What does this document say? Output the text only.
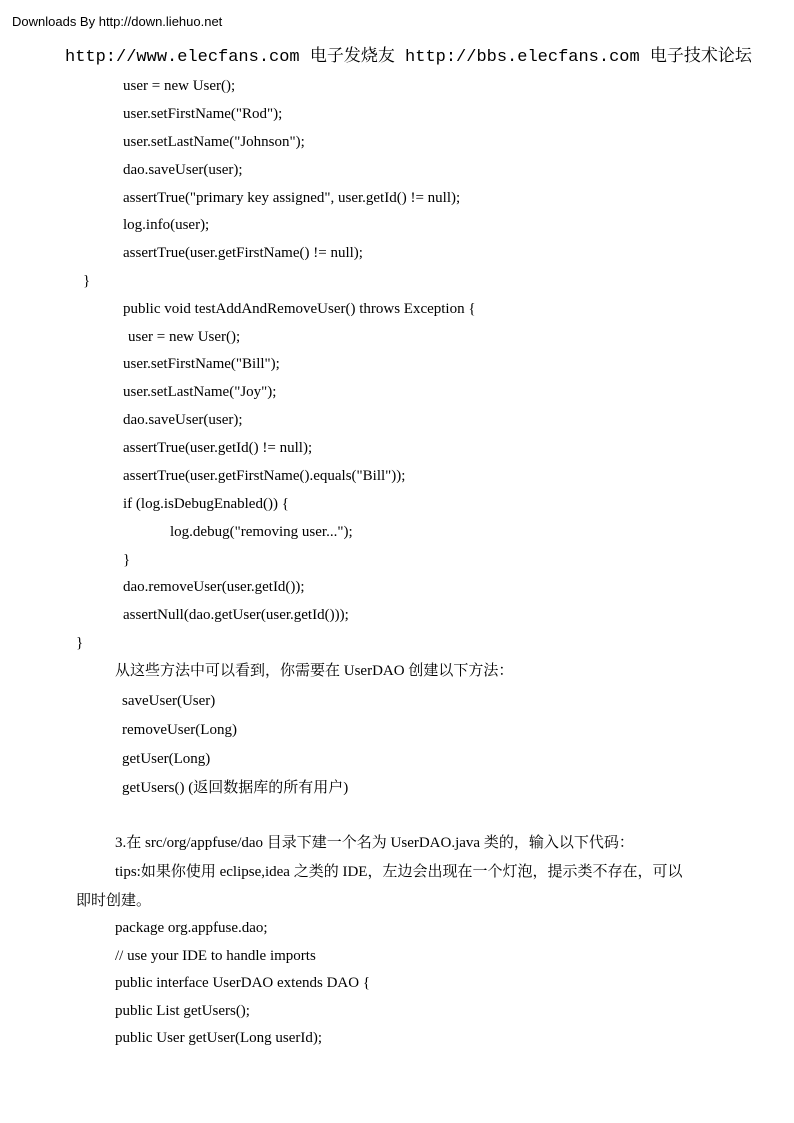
Downloads By http://down.liehuo.net
http://www.elecfans.com 电子发烧友 http://bbs.elecfans.com 电子技术论坛
user = new User();
user.setFirstName("Rod");
user.setLastName("Johnson");
dao.saveUser(user);
assertTrue("primary key assigned", user.getId() != null);
log.info(user);
assertTrue(user.getFirstName() != null);
}
public void testAddAndRemoveUser() throws Exception {
user = new User();
user.setFirstName("Bill");
user.setLastName("Joy");
dao.saveUser(user);
assertTrue(user.getId() != null);
assertTrue(user.getFirstName().equals("Bill"));
if (log.isDebugEnabled()) {
log.debug("removing user...");
}
dao.removeUser(user.getId());
assertNull(dao.getUser(user.getId()));
}
从这些方法中可以看到，你需要在 UserDAO 创建以下方法：
saveUser(User)
removeUser(Long)
getUser(Long)
getUsers() (返回数据库的所有用户)
3.在 src/org/appfuse/dao 目录下建一个名为 UserDAO.java 类的，输入以下代码：
tips:如果你使用 eclipse,idea 之类的 IDE，左边会出现在一个灯泡，提示类不存在，可以
即时创建。
package org.appfuse.dao;
// use your IDE to handle imports
public interface UserDAO extends DAO {
public List getUsers();
public User getUser(Long userId);
